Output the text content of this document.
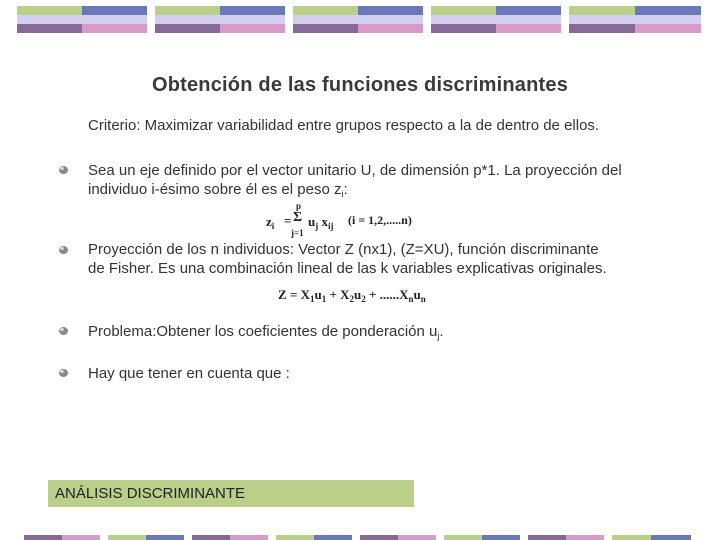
Obtención de las funciones discriminantes
Criterio: Maximizar variabilidad entre grupos respecto a la de dentro de ellos.
Sea un eje definido por el vector unitario U, de dimensión p*1. La proyección del
individuo i-ésimo sobre él es el peso $z_i$:
$z_i$ =
p
Σ
j=1
$u_j$ $x_{ij}$ (i = 1,2,.....n)
Proyección de los n individuos: Vector Z (nx1), (Z=XU), función discriminante
de Fisher. Es una combinación lineal de las k variables explicativas originales.
$Z = X_1u_1 + X_2u_2 + ......X_nu_n$
Problema:Obtener los coeficientes de ponderación $u_j$.
Hay que tener en cuenta que :
ANÁLISIS DISCRIMINANTE
